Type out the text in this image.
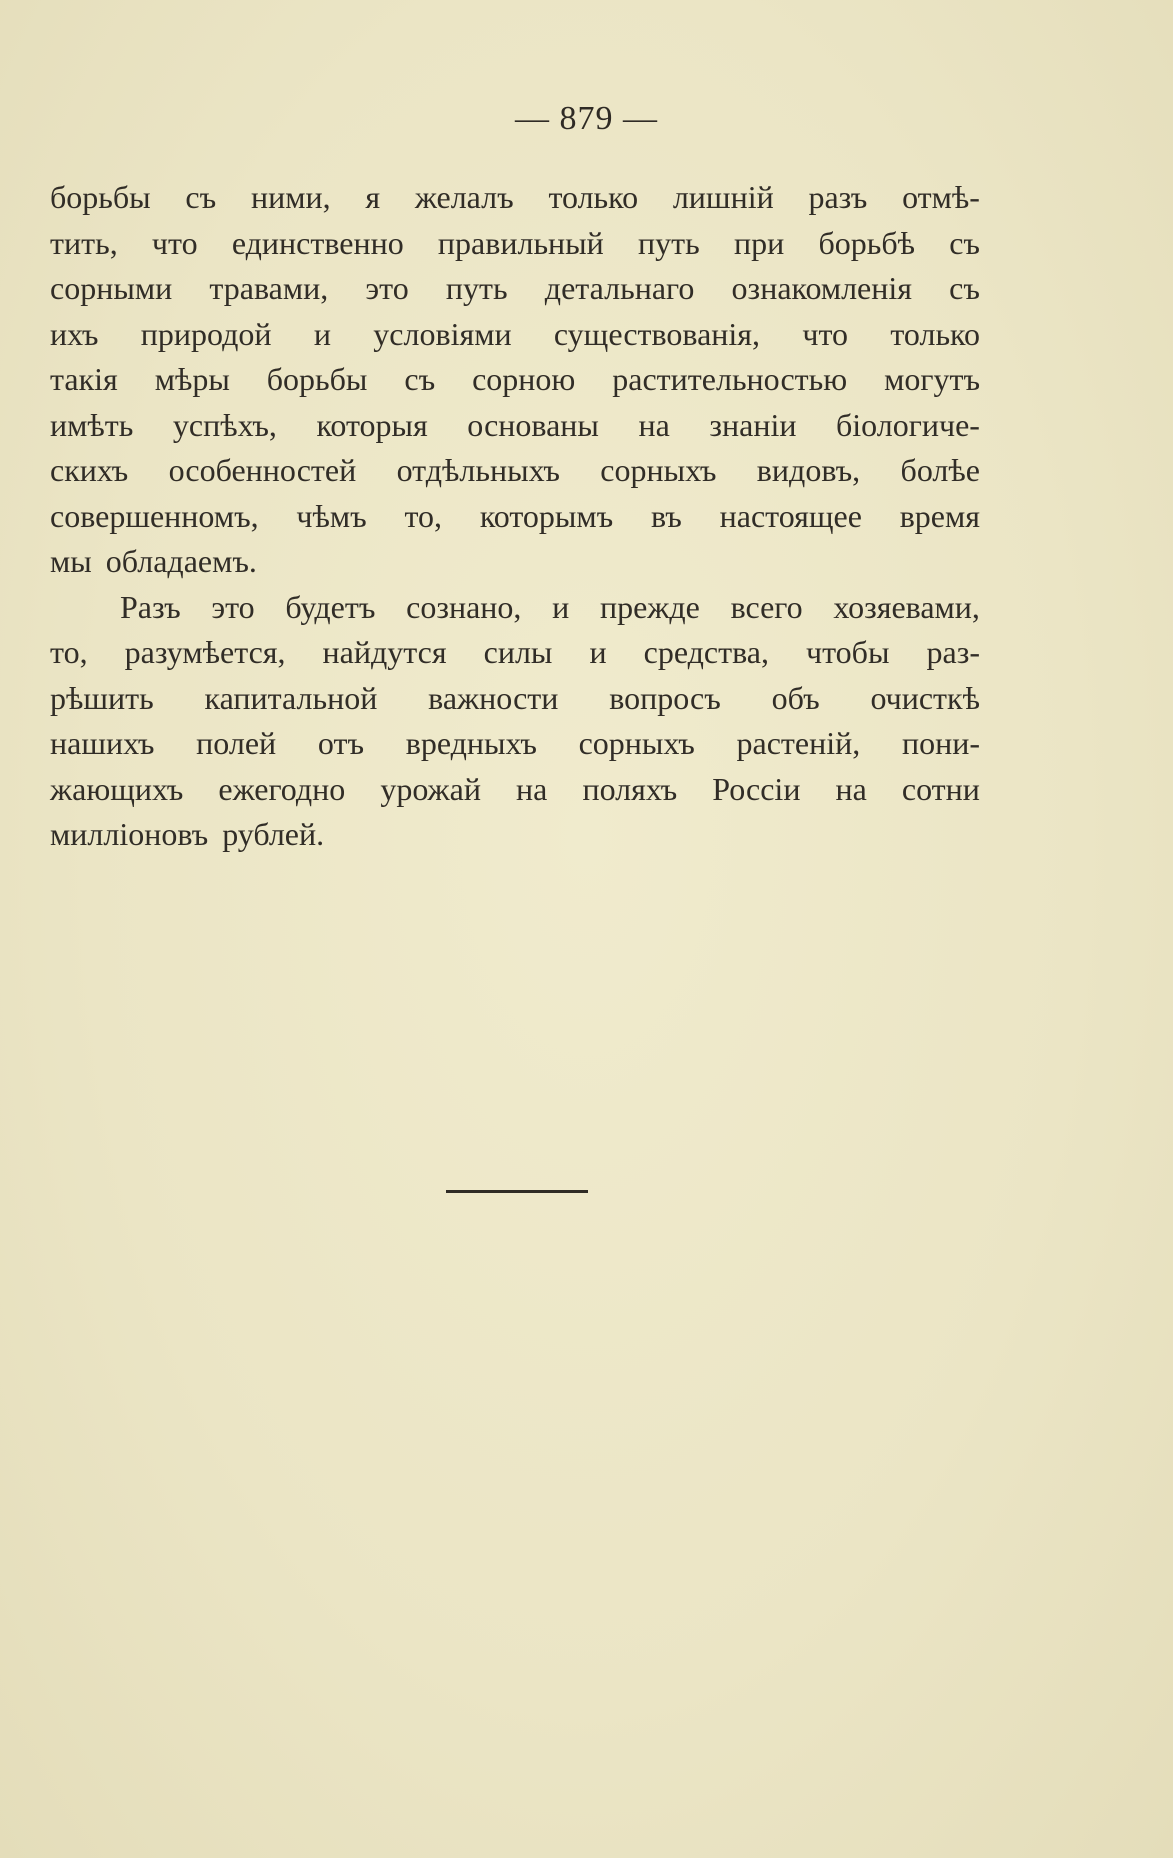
— 879 —
борьбы съ ними, я желалъ только лишній разъ отмѣ-
тить, что единственно правильный путь при борьбѣ съ
сорными травами, это путь детальнаго ознакомленія съ
ихъ природой и условіями существованія, что только
такія мѣры борьбы съ сорною растительностью могутъ
имѣть успѣхъ, которыя основаны на знаніи біологиче-
скихъ особенностей отдѣльныхъ сорныхъ видовъ, болѣе
совершенномъ, чѣмъ то, которымъ въ настоящее время
мы обладаемъ.
Разъ это будетъ сознано, и прежде всего хозяевами,
то, разумѣется, найдутся силы и средства, чтобы раз-
рѣшить капитальной важности вопросъ объ очисткѣ
нашихъ полей отъ вредныхъ сорныхъ растеній, пони-
жающихъ ежегодно урожай на поляхъ Россіи на сотни
милліоновъ рублей.
